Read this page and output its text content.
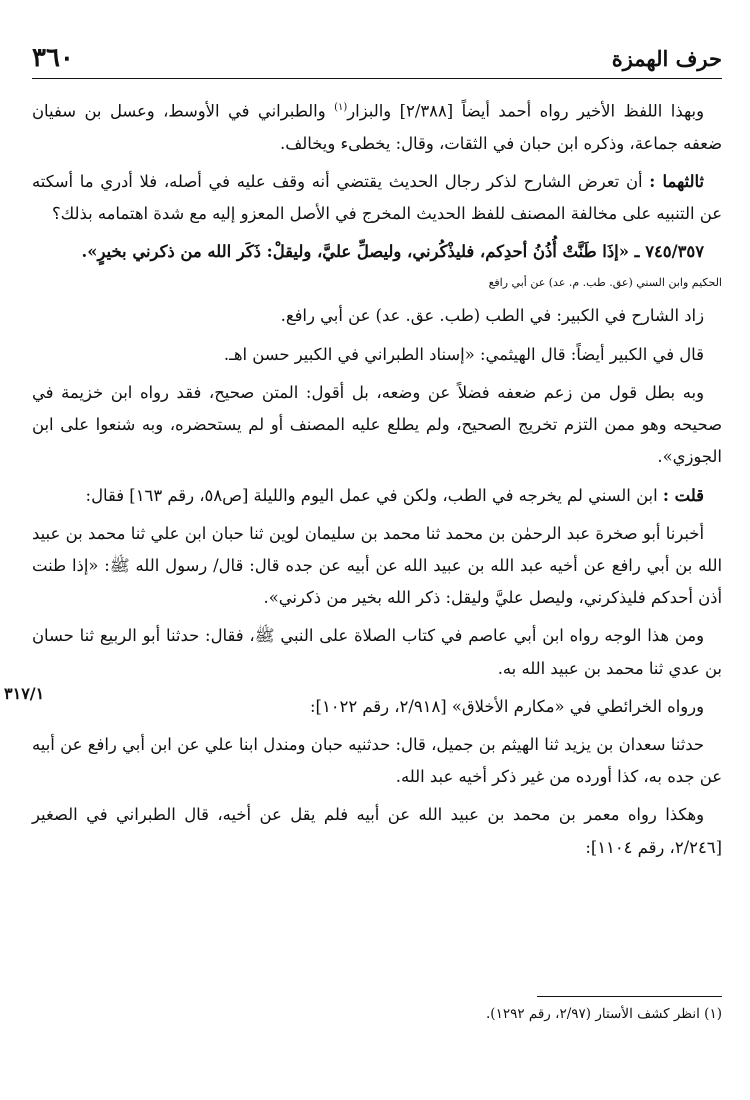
٣٦٠	حرف الهمزة

وبهذا اللفظ الأخير رواه أحمد أيضاً [٢/٣٨٨] والبزار$^{(١)}$ والطبراني في الأوسط، وعسل بن سفيان ضعفه جماعة، وذكره ابن حبان في الثقات، وقال: يخطىء ويخالف.

ثالثهما : أن تعرض الشارح لذكر رجال الحديث يقتضي أنه وقف عليه في أصله، فلا أدري ما أسكته عن التنبيه على مخالفة المصنف للفظ الحديث المخرج في الأصل المعزو إليه مع شدة اهتمامه بذلك؟

٧٤٥/٣٥٧ ـ «إذَا طَنَّتْ أُذُنُ أحدِكم، فليذْكُرني، وليصلِّ عليَّ، وليقلْ: ذَكَر الله من ذكرني بخيرٍ».

الحكيم وابن السني (عق. طب. م. عد) عن أبي رافع

زاد الشارح في الكبير: في الطب (طب. عق. عد) عن أبي رافع.

قال في الكبير أيضاً: قال الهيثمي: «إسناد الطبراني في الكبير حسن اهـ.

وبه بطل قول من زعم ضعفه فضلاً عن وضعه، بل أقول: المتن صحيح، فقد رواه ابن خزيمة في صحيحه وهو ممن التزم تخريج الصحيح، ولم يطلع عليه المصنف أو لم يستحضره، وبه شنعوا على ابن الجوزي».

قلت : ابن السني لم يخرجه في الطب، ولكن في عمل اليوم والليلة [ص٥٨، رقم ١٦٣] فقال:

أخبرنا أبو صخرة عبد الرحمٰن بن محمد ثنا محمد بن سليمان لوين ثنا حبان ابن علي ثنا محمد بن عبيد الله بن أبي رافع عن أخيه عبد الله بن عبيد الله عن أبيه عن جده قال: قال/ رسول الله ﷺ: «إذا طنت أذن أحدكم فليذكرني، وليصل عليَّ وليقل: ذكر الله بخير من ذكرني».

ومن هذا الوجه رواه ابن أبي عاصم في كتاب الصلاة على النبي ﷺ، فقال: حدثنا أبو الربيع ثنا حسان بن عدي ثنا محمد بن عبيد الله به.

ورواه الخرائطي في «مكارم الأخلاق» [٢/٩١٨، رقم ١٠٢٢]:

حدثنا سعدان بن يزيد ثنا الهيثم بن جميل، قال: حدثنيه حبان ومندل ابنا علي عن ابن أبي رافع عن أبيه عن جده به، كذا أورده من غير ذكر أخيه عبد الله.

وهكذا رواه معمر بن محمد بن عبيد الله عن أبيه فلم يقل عن أخيه، قال الطبراني في الصغير [٢/٢٤٦، رقم ١١٠٤]:

٣١٧/١
(١) انظر كشف الأستار (٢/٩٧، رقم ١٢٩٢).
